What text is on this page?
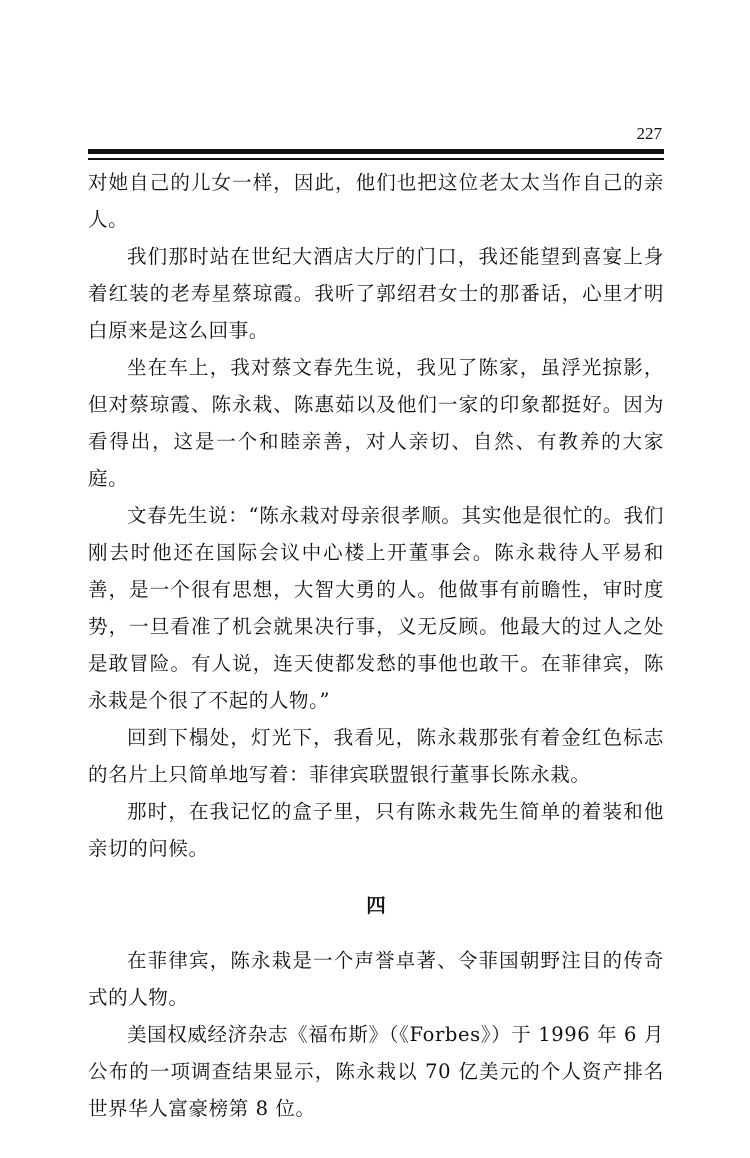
227

对她自己的儿女一样，因此，他们也把这位老太太当作自己的亲人。

我们那时站在世纪大酒店大厅的门口，我还能望到喜宴上身着红装的老寿星蔡琼霞。我听了郭绍君女士的那番话，心里才明白原来是这么回事。

坐在车上，我对蔡文春先生说，我见了陈家，虽浮光掠影，但对蔡琼霞、陈永栽、陈惠茹以及他们一家的印象都挺好。因为看得出，这是一个和睦亲善，对人亲切、自然、有教养的大家庭。

文春先生说：“陈永栽对母亲很孝顺。其实他是很忙的。我们刚去时他还在国际会议中心楼上开董事会。陈永栽待人平易和善，是一个很有思想，大智大勇的人。他做事有前瞻性，审时度势，一旦看准了机会就果决行事，义无反顾。他最大的过人之处是敢冒险。有人说，连天使都发愁的事他也敢干。在菲律宾，陈永栽是个很了不起的人物。”

回到下榻处，灯光下，我看见，陈永栽那张有着金红色标志的名片上只简单地写着：菲律宾联盟银行董事长陈永栽。

那时，在我记忆的盒子里，只有陈永栽先生简单的着装和他亲切的问候。

四

在菲律宾，陈永栽是一个声誉卓著、令菲国朝野注目的传奇式的人物。

美国权威经济杂志《福布斯》（《Forbes》）于 1996 年 6 月公布的一项调查结果显示，陈永栽以 70 亿美元的个人资产排名世界华人富豪榜第 8 位。
